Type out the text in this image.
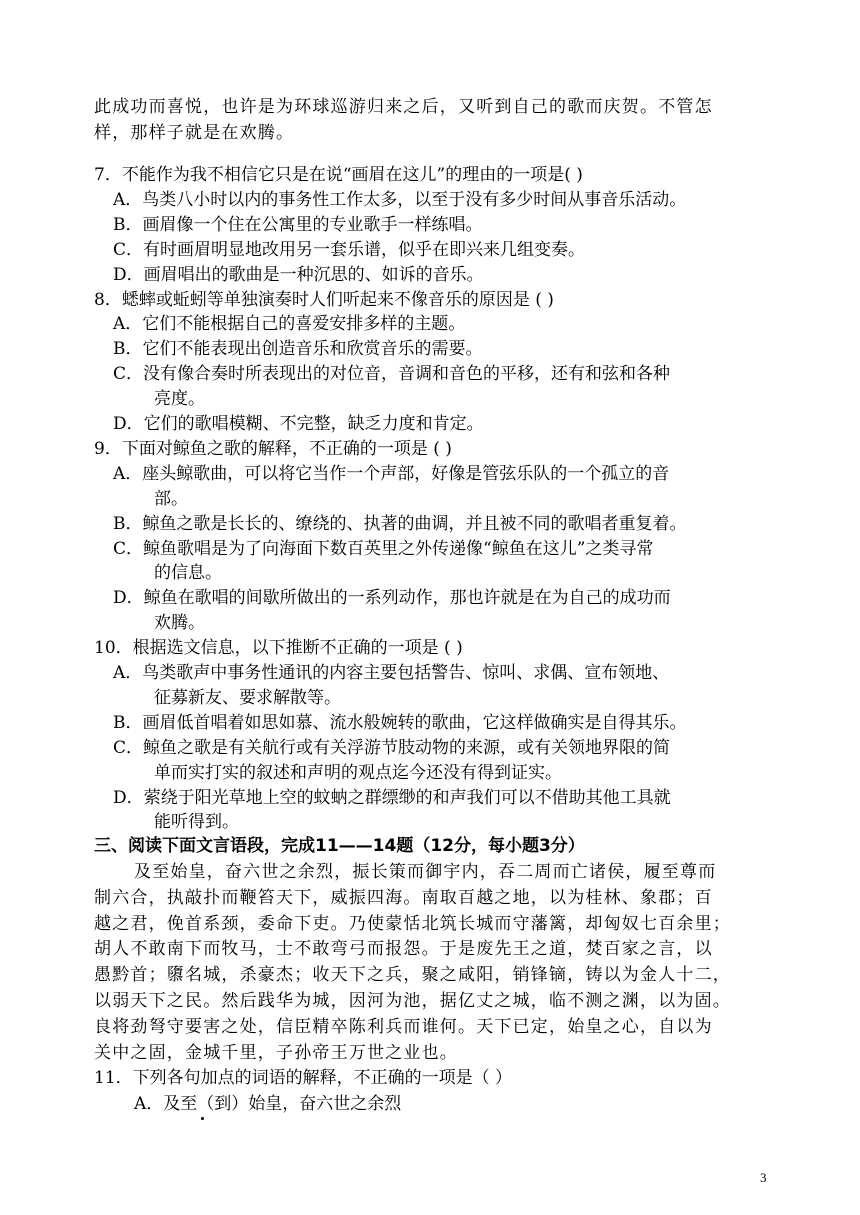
此成功而喜悦，也许是为环球巡游归来之后，又听到自己的歌而庆贺。不管怎
样，那样子就是在欢腾。
7．不能作为我不相信它只是在说“画眉在这儿”的理由的一项是( )
A．鸟类八小时以内的事务性工作太多，以至于没有多少时间从事音乐活动。
B．画眉像一个住在公寓里的专业歌手一样练唱。
C．有时画眉明显地改用另一套乐谱，似乎在即兴来几组变奏。
D．画眉唱出的歌曲是一种沉思的、如诉的音乐。
8．蟋蟀或蚯蚓等单独演奏时人们听起来不像音乐的原因是 ( )
A．它们不能根据自己的喜爱安排多样的主题。
B．它们不能表现出创造音乐和欣赏音乐的需要。
C．没有像合奏时所表现出的对位音，音调和音色的平移，还有和弦和各种
亮度。
D．它们的歌唱模糊、不完整，缺乏力度和肯定。
9．下面对鲸鱼之歌的解释，不正确的一项是 ( )
A．座头鲸歌曲，可以将它当作一个声部，好像是管弦乐队的一个孤立的音
部。
B．鲸鱼之歌是长长的、缭绕的、执著的曲调，并且被不同的歌唱者重复着。
C．鲸鱼歌唱是为了向海面下数百英里之外传递像“鲸鱼在这儿”之类寻常
的信息。
D．鲸鱼在歌唱的间歇所做出的一系列动作，那也许就是在为自己的成功而
欢腾。
10．根据选文信息，以下推断不正确的一项是 ( )
A．鸟类歌声中事务性通讯的内容主要包括警告、惊叫、求偶、宣布领地、
征募新友、要求解散等。
B．画眉低首唱着如思如慕、流水般婉转的歌曲，它这样做确实是自得其乐。
C．鲸鱼之歌是有关航行或有关浮游节肢动物的来源，或有关领地界限的简
单而实打实的叙述和声明的观点迄今还没有得到证实。
D．萦绕于阳光草地上空的蚊蚋之群缥缈的和声我们可以不借助其他工具就
能听得到。
三、阅读下面文言语段，完成11——14题（12分，每小题3分）
及至始皇，奋六世之余烈，振长策而御宇内，吞二周而亡诸侯，履至尊而
制六合，执敲扑而鞭笞天下，威振四海。南取百越之地，以为桂林、象郡；百
越之君，俛首系颈，委命下吏。乃使蒙恬北筑长城而守藩篱，却匈奴七百余里；
胡人不敢南下而牧马，士不敢弯弓而报怨。于是废先王之道，焚百家之言，以
愚黔首；隳名城，杀豪杰；收天下之兵，聚之咸阳，销锋镝，铸以为金人十二，
以弱天下之民。然后践华为城，因河为池，据亿丈之城，临不测之渊，以为固。
良将劲弩守要害之处，信臣精卒陈利兵而谁何。天下已定，始皇之心，自以为
关中之固，金城千里，子孙帝王万世之业也。
11．下列各句加点的词语的解释，不正确的一项是（ ）
A．及至（到）始皇，奋六世之余烈
3
